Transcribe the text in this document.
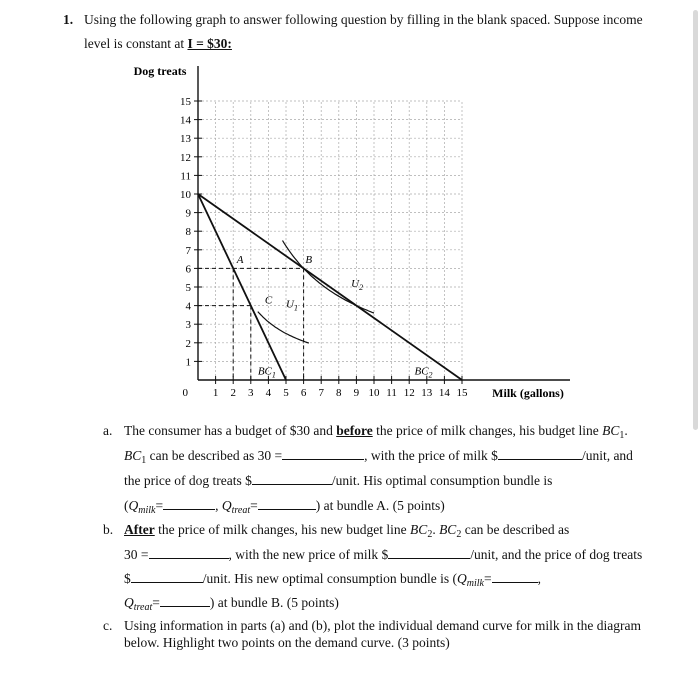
1. Using the following graph to answer following question by filling in the blank spaced. Suppose income
level is constant at I = $30:
1
2
3
4
5
6
7
8
9
10
11
12
13
14
15
1 2 3 4 5 6 7 8 9 10 11 12 13 14 15
0
Dog treats
Milk (gallons)
A	B
C U 1
U 2
BC 1	BC 2
a. The consumer has a budget of $30 and before the price of milk changes, his budget line $BC_1$.
$BC_1$ can be described as 30 =	, with the price of milk $	/unit, and
the price of dog treats $	/unit. His optimal consumption bundle is
($Q_{milk}=$	, $Q_{treat}=$	) at bundle A. (5 points)
b. After the price of milk changes, his new budget line $BC_2$. $BC_2$ can be described as
30 =	, with the new price of milk $	/unit, and the price of dog treats
$	/unit. His new optimal consumption bundle is ($Q_{milk}=$	,
$Q_{treat}=$	) at bundle B. (5 points)
c. Using information in parts (a) and (b), plot the individual demand curve for milk in the diagram
below. Highlight two points on the demand curve. (3 points)
